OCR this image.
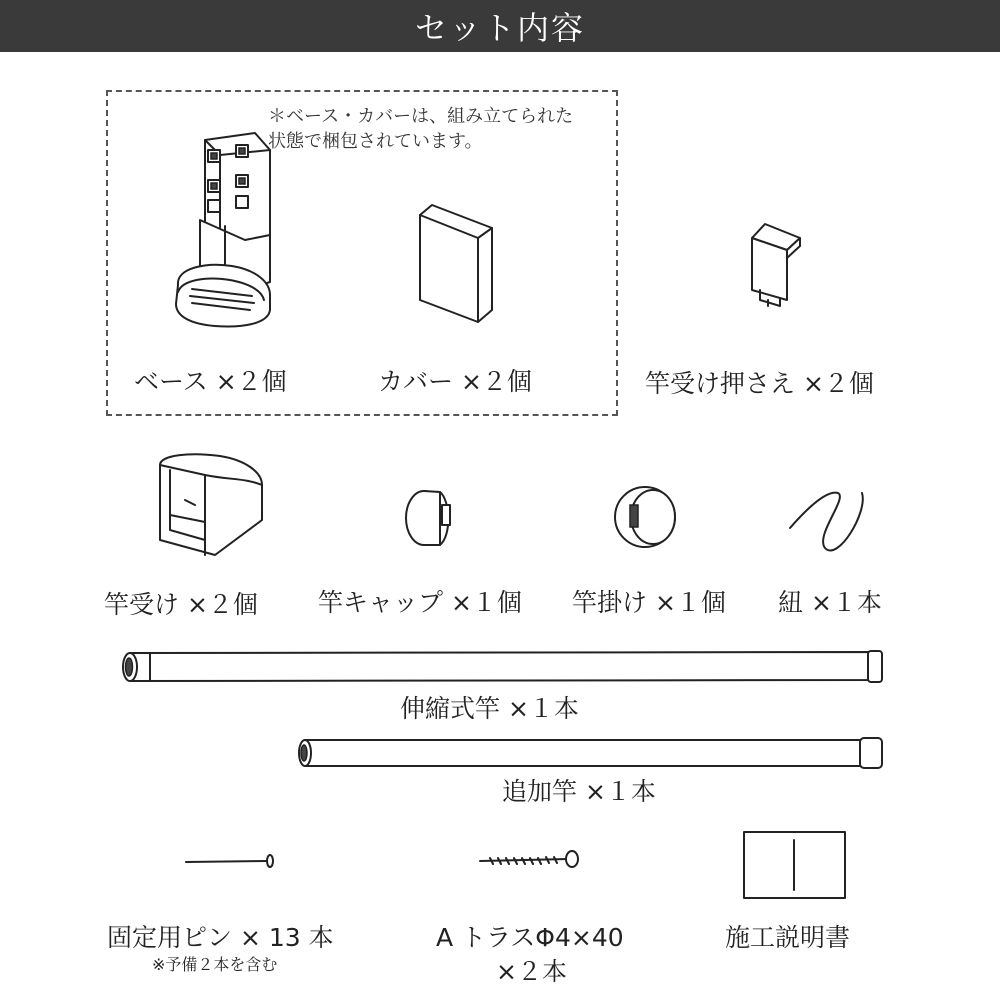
セット内容
＊ベース・カバーは、組み立てられた
状態で梱包されています。
ベース ×２個	カバー ×２個	竿受け押さえ ×２個
竿受け ×２個 竿キャップ ×１個 竿掛け ×１個 紐 ×１本
伸縮式竿 ×１本
追加竿 ×１本
固定用ピン × 13 本
※予備２本を含む
A トラスΦ4×40
×２本
施工説明書
